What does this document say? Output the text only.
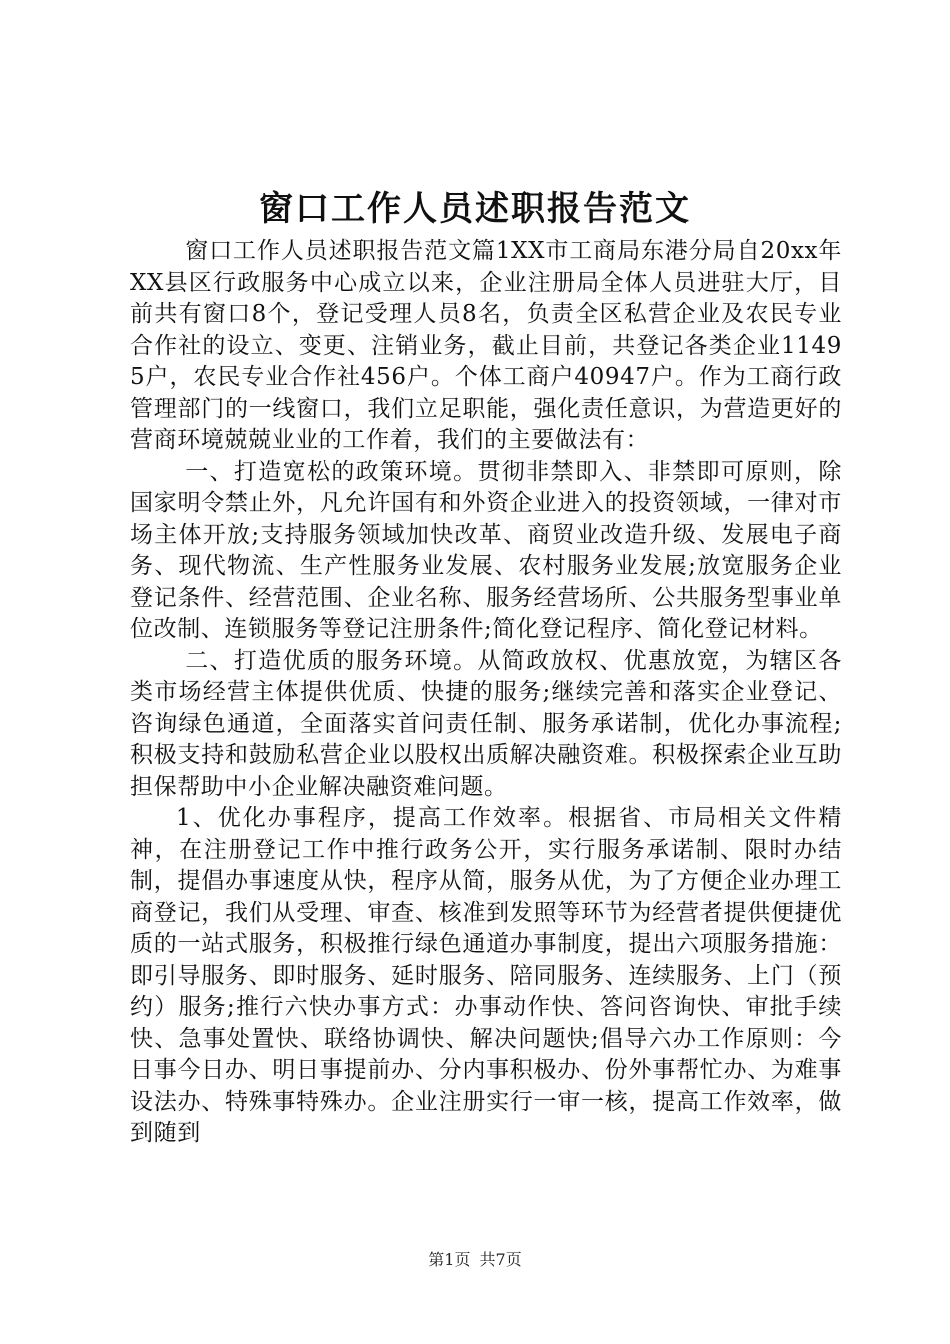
窗口工作人员述职报告范文

窗口工作人员述职报告范文篇1XX市工商局东港分局自20xx年XX县区行政服务中心成立以来，企业注册局全体人员进驻大厅，目前共有窗口8个，登记受理人员8名，负责全区私营企业及农民专业合作社的设立、变更、注销业务，截止目前，共登记各类企业11495户，农民专业合作社456户。个体工商户40947户。作为工商行政管理部门的一线窗口，我们立足职能，强化责任意识，为营造更好的营商环境兢兢业业的工作着，我们的主要做法有：

一、打造宽松的政策环境。贯彻非禁即入、非禁即可原则，除国家明令禁止外，凡允许国有和外资企业进入的投资领域，一律对市场主体开放;支持服务领域加快改革、商贸业改造升级、发展电子商务、现代物流、生产性服务业发展、农村服务业发展;放宽服务企业登记条件、经营范围、企业名称、服务经营场所、公共服务型事业单位改制、连锁服务等登记注册条件;简化登记程序、简化登记材料。

二、打造优质的服务环境。从简政放权、优惠放宽，为辖区各类市场经营主体提供优质、快捷的服务;继续完善和落实企业登记、咨询绿色通道，全面落实首问责任制、服务承诺制，优化办事流程;积极支持和鼓励私营企业以股权出质解决融资难。积极探索企业互助担保帮助中小企业解决融资难问题。

1、优化办事程序，提高工作效率。根据省、市局相关文件精神，在注册登记工作中推行政务公开，实行服务承诺制、限时办结制，提倡办事速度从快，程序从简，服务从优，为了方便企业办理工商登记，我们从受理、审查、核准到发照等环节为经营者提供便捷优质的一站式服务，积极推行绿色通道办事制度，提出六项服务措施：即引导服务、即时服务、延时服务、陪同服务、连续服务、上门（预约）服务;推行六快办事方式：办事动作快、答问咨询快、审批手续快、急事处置快、联络协调快、解决问题快;倡导六办工作原则：今日事今日办、明日事提前办、分内事积极办、份外事帮忙办、为难事设法办、特殊事特殊办。企业注册实行一审一核，提高工作效率，做到随到

第1页 共7页
